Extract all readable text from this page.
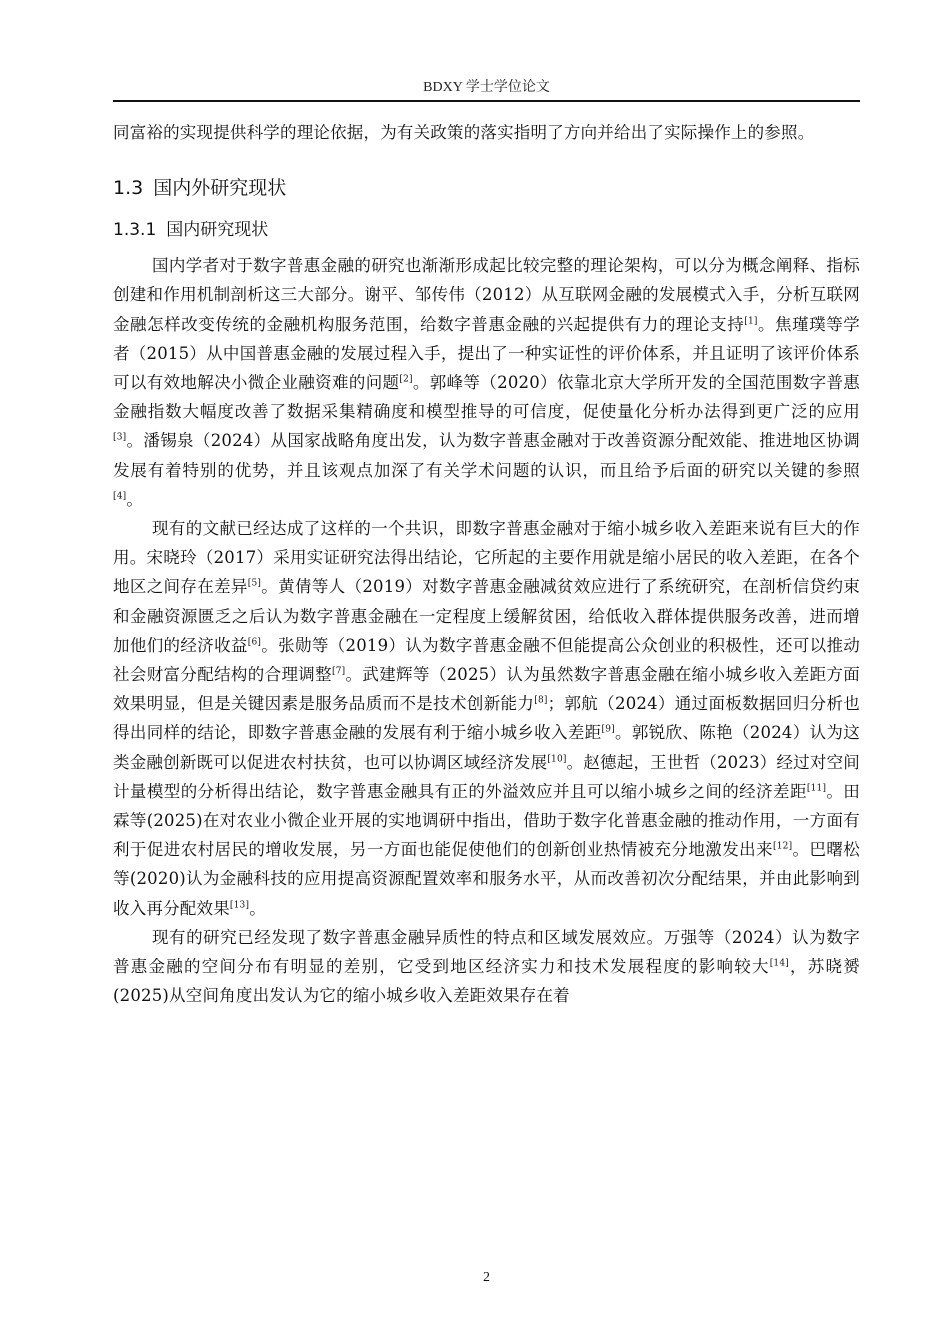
BDXY 学士学位论文

同富裕的实现提供科学的理论依据，为有关政策的落实指明了方向并给出了实际操作上的参照。

1.3 国内外研究现状
1.3.1 国内研究现状

国内学者对于数字普惠金融的研究也渐渐形成起比较完整的理论架构，可以分为概念阐释、指标创建和作用机制剖析这三大部分。谢平、邹传伟（2012）从互联网金融的发展模式入手，分析互联网金融怎样改变传统的金融机构服务范围，给数字普惠金融的兴起提供有力的理论支持[1]。焦瑾璞等学者（2015）从中国普惠金融的发展过程入手，提出了一种实证性的评价体系，并且证明了该评价体系可以有效地解决小微企业融资难的问题[2]。郭峰等（2020）依靠北京大学所开发的全国范围数字普惠金融指数大幅度改善了数据采集精确度和模型推导的可信度，促使量化分析办法得到更广泛的应用[3]。潘锡泉（2024）从国家战略角度出发，认为数字普惠金融对于改善资源分配效能、推进地区协调发展有着特别的优势，并且该观点加深了有关学术问题的认识，而且给予后面的研究以关键的参照[4]。

现有的文献已经达成了这样的一个共识，即数字普惠金融对于缩小城乡收入差距来说有巨大的作用。宋晓玲（2017）采用实证研究法得出结论，它所起的主要作用就是缩小居民的收入差距，在各个地区之间存在差异[5]。黄倩等人（2019）对数字普惠金融减贫效应进行了系统研究，在剖析信贷约束和金融资源匮乏之后认为数字普惠金融在一定程度上缓解贫困，给低收入群体提供服务改善，进而增加他们的经济收益[6]。张勋等（2019）认为数字普惠金融不但能提高公众创业的积极性，还可以推动社会财富分配结构的合理调整[7]。武建辉等（2025）认为虽然数字普惠金融在缩小城乡收入差距方面效果明显，但是关键因素是服务品质而不是技术创新能力[8]；郭航（2024）通过面板数据回归分析也得出同样的结论，即数字普惠金融的发展有利于缩小城乡收入差距[9]。郭锐欣、陈艳（2024）认为这类金融创新既可以促进农村扶贫，也可以协调区域经济发展[10]。赵德起，王世哲（2023）经过对空间计量模型的分析得出结论，数字普惠金融具有正的外溢效应并且可以缩小城乡之间的经济差距[11]。田霖等(2025)在对农业小微企业开展的实地调研中指出，借助于数字化普惠金融的推动作用，一方面有利于促进农村居民的增收发展，另一方面也能促使他们的创新创业热情被充分地激发出来[12]。巴曙松等(2020)认为金融科技的应用提高资源配置效率和服务水平，从而改善初次分配结果，并由此影响到收入再分配效果[13]。

现有的研究已经发现了数字普惠金融异质性的特点和区域发展效应。万强等（2024）认为数字普惠金融的空间分布有明显的差别，它受到地区经济实力和技术发展程度的影响较大[14]，苏晓赟(2025)从空间角度出发认为它的缩小城乡收入差距效果存在着

2
